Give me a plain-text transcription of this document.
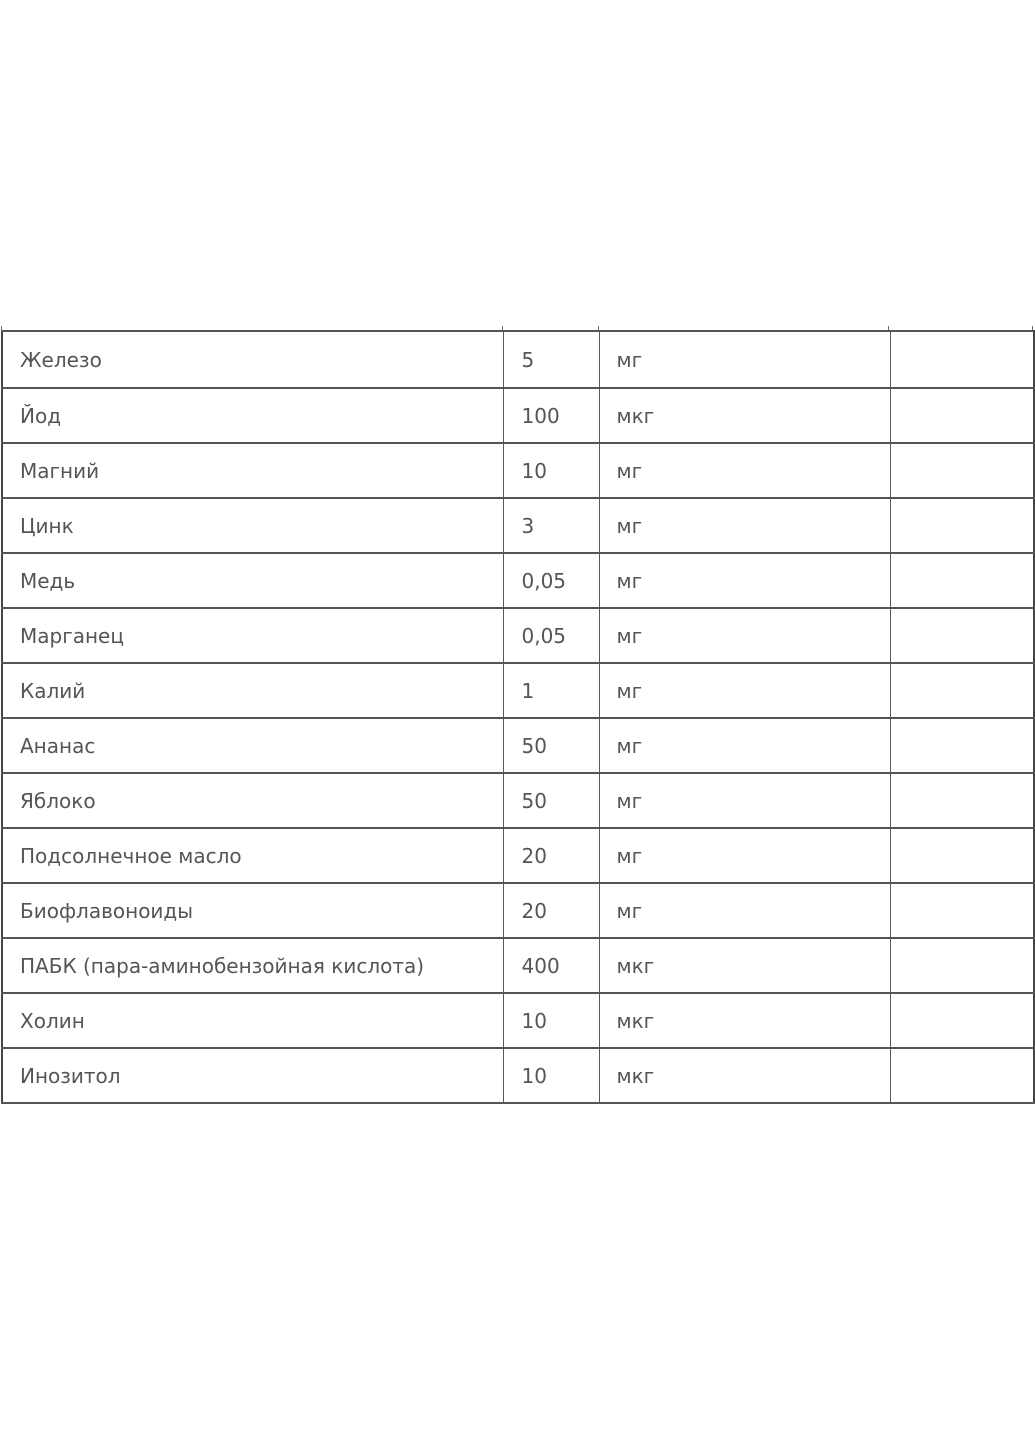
Железо	5	мг	
Йод	100	мкг	
Магний	10	мг	
Цинк	3	мг	
Медь	0,05	мг	
Марганец	0,05	мг	
Калий	1	мг	
Ананас	50	мг	
Яблоко	50	мг	
Подсолнечное масло	20	мг	
Биофлавоноиды	20	мг	
ПАБК (пара-аминобензойная кислота)	400	мкг	
Холин	10	мкг	
Инозитол	10	мкг	
